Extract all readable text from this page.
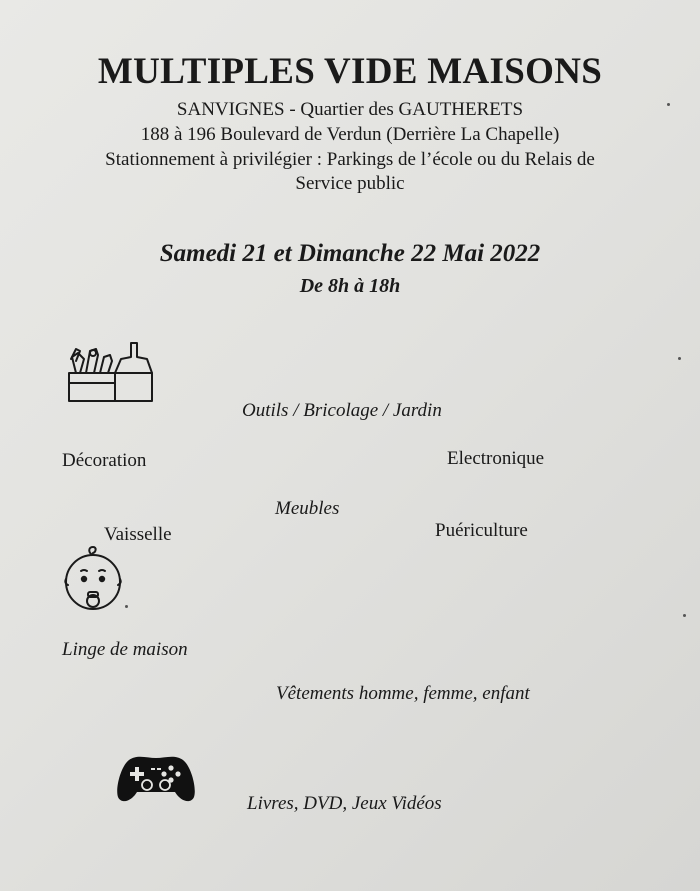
MULTIPLES VIDE MAISONS
SANVIGNES - Quartier des GAUTHERETS
188 à 196 Boulevard de Verdun (Derrière La Chapelle)
Stationnement à privilégier : Parkings de l’école ou du Relais de
Service public
Samedi 21 et Dimanche 22 Mai 2022
De 8h à 18h
Outils / Bricolage / Jardin
Décoration	Electronique
Meubles
Vaisselle	Puériculture
Linge de maison
Vêtements homme, femme, enfant
Livres, DVD, Jeux Vidéos
